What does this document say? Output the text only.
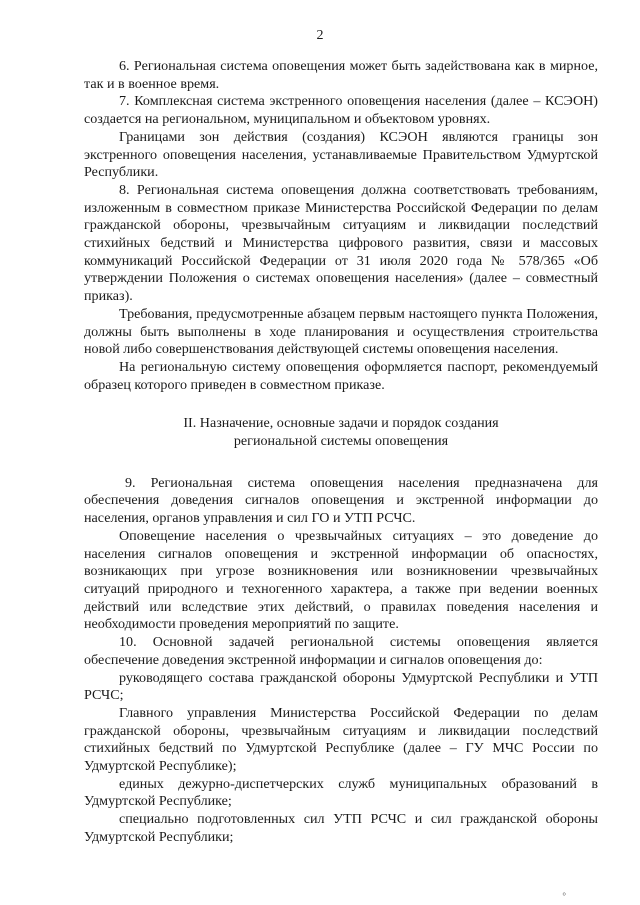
2

6. Региональная система оповещения может быть задействована как в мирное, так и в военное время.

7. Комплексная система экстренного оповещения населения (далее – КСЭОН) создается на региональном, муниципальном и объектовом уровнях.

Границами зон действия (создания) КСЭОН являются границы зон экстренного оповещения населения, устанавливаемые Правительством Удмуртской Республики.

8. Региональная система оповещения должна соответствовать требованиям, изложенным в совместном приказе Министерства Российской Федерации по делам гражданской обороны, чрезвычайным ситуациям и ликвидации последствий стихийных бедствий и Министерства цифрового развития, связи и массовых коммуникаций Российской Федерации от 31 июля 2020 года № 578/365 «Об утверждении Положения о системах оповещения населения» (далее – совместный приказ).

Требования, предусмотренные абзацем первым настоящего пункта Положения, должны быть выполнены в ходе планирования и осуществления строительства новой либо совершенствования действующей системы оповещения населения.

На региональную систему оповещения оформляется паспорт, рекомендуемый образец которого приведен в совместном приказе.

II. Назначение, основные задачи и порядок создания
региональной системы оповещения

9. Региональная система оповещения населения предназначена для обеспечения доведения сигналов оповещения и экстренной информации до населения, органов управления и сил ГО и УТП РСЧС.

Оповещение населения о чрезвычайных ситуациях – это доведение до населения сигналов оповещения и экстренной информации об опасностях, возникающих при угрозе возникновения или возникновении чрезвычайных ситуаций природного и техногенного характера, а также при ведении военных действий или вследствие этих действий, о правилах поведения населения и необходимости проведения мероприятий по защите.

10. Основной задачей региональной системы оповещения является обеспечение доведения экстренной информации и сигналов оповещения до:

руководящего состава гражданской обороны Удмуртской Республики и УТП РСЧС;

Главного управления Министерства Российской Федерации по делам гражданской обороны, чрезвычайным ситуациям и ликвидации последствий стихийных бедствий по Удмуртской Республике (далее – ГУ МЧС России по Удмуртской Республике);

единых дежурно-диспетчерских служб муниципальных образований в Удмуртской Республике;

специально подготовленных сил УТП РСЧС и сил гражданской обороны Удмуртской Республики;

°
